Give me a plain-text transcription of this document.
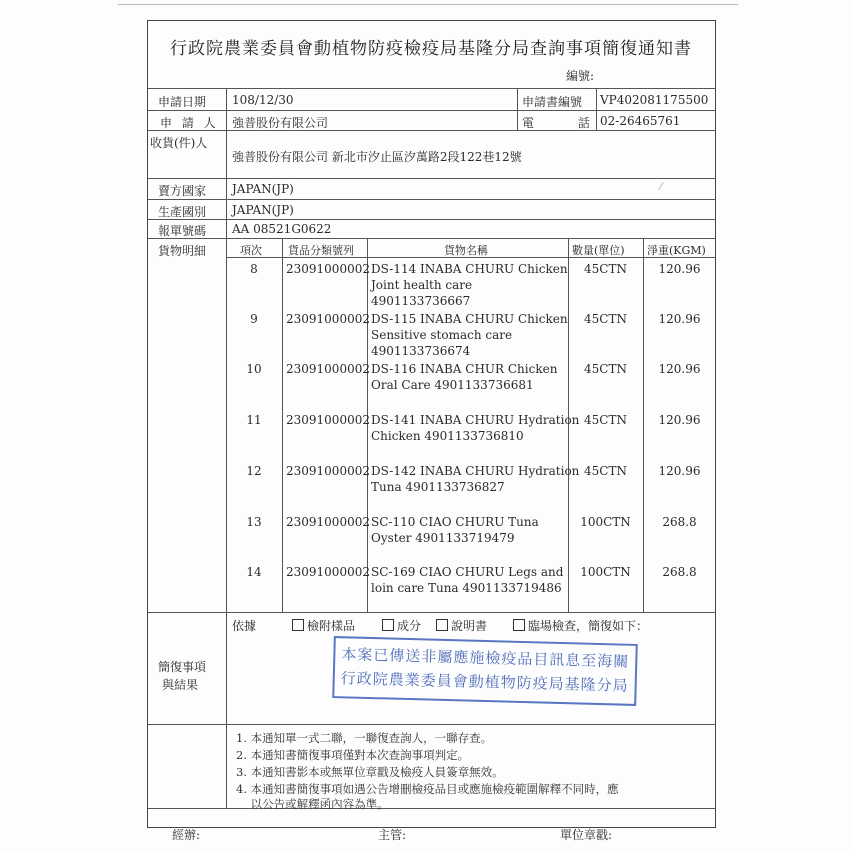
行政院農業委員會動植物防疫檢疫局基隆分局查詢事項簡復通知書
編號:
申請日期 108/12/30	申請書編號 VP402081175500
申 請 人 強普股份有限公司	電 話
02-26465761
收貨(件)人
強普股份有限公司 新北市汐止區汐萬路2段122巷12號
賣方國家 JAPAN(JP)
生產國別 JAPAN(JP)
報單號碼 AA 08521G0622
貨物明細	項次 貨品分類號列	貨物名稱	數量(單位) 淨重(KGM)
8	23091000002 DS-114 INABA CHURU Chicken
Joint health care
4901133736667
45CTN	120.96
9	23091000002 DS-115 INABA CHURU Chicken
Sensitive stomach care
4901133736674
45CTN	120.96
10	23091000002 DS-116 INABA CHUR Chicken
Oral Care 4901133736681
45CTN	120.96
11	23091000002 DS-141 INABA CHURU Hydration
Chicken 4901133736810
45CTN	120.96
12	23091000002 DS-142 INABA CHURU Hydration
Tuna 4901133736827
45CTN	120.96
13	23091000002 SC-110 CIAO CHURU Tuna
Oyster 4901133719479
100CTN	268.8
14	23091000002 SC-169 CIAO CHURU Legs and
loin care Tuna 4901133719486
100CTN	268.8
簡復事項
與結果
依據	檢附樣品	成分	說明書	臨場檢查，簡復如下：
本案已傳送非屬應施檢疫品目訊息至海關
行政院農業委員會動植物防疫局基隆分局
1. 本通知單一式二聯，一聯復查詢人，一聯存查。
2. 本通知書簡復事項僅對本次查詢事項判定。
3. 本通知書影本或無單位章戳及檢疫人員簽章無效。
4. 本通知書簡復事項如遇公告增刪檢疫品目或應施檢疫範圍解釋不同時，應
以公告或解釋函內容為準。
經辦:	主管:	單位章戳:
⁄
